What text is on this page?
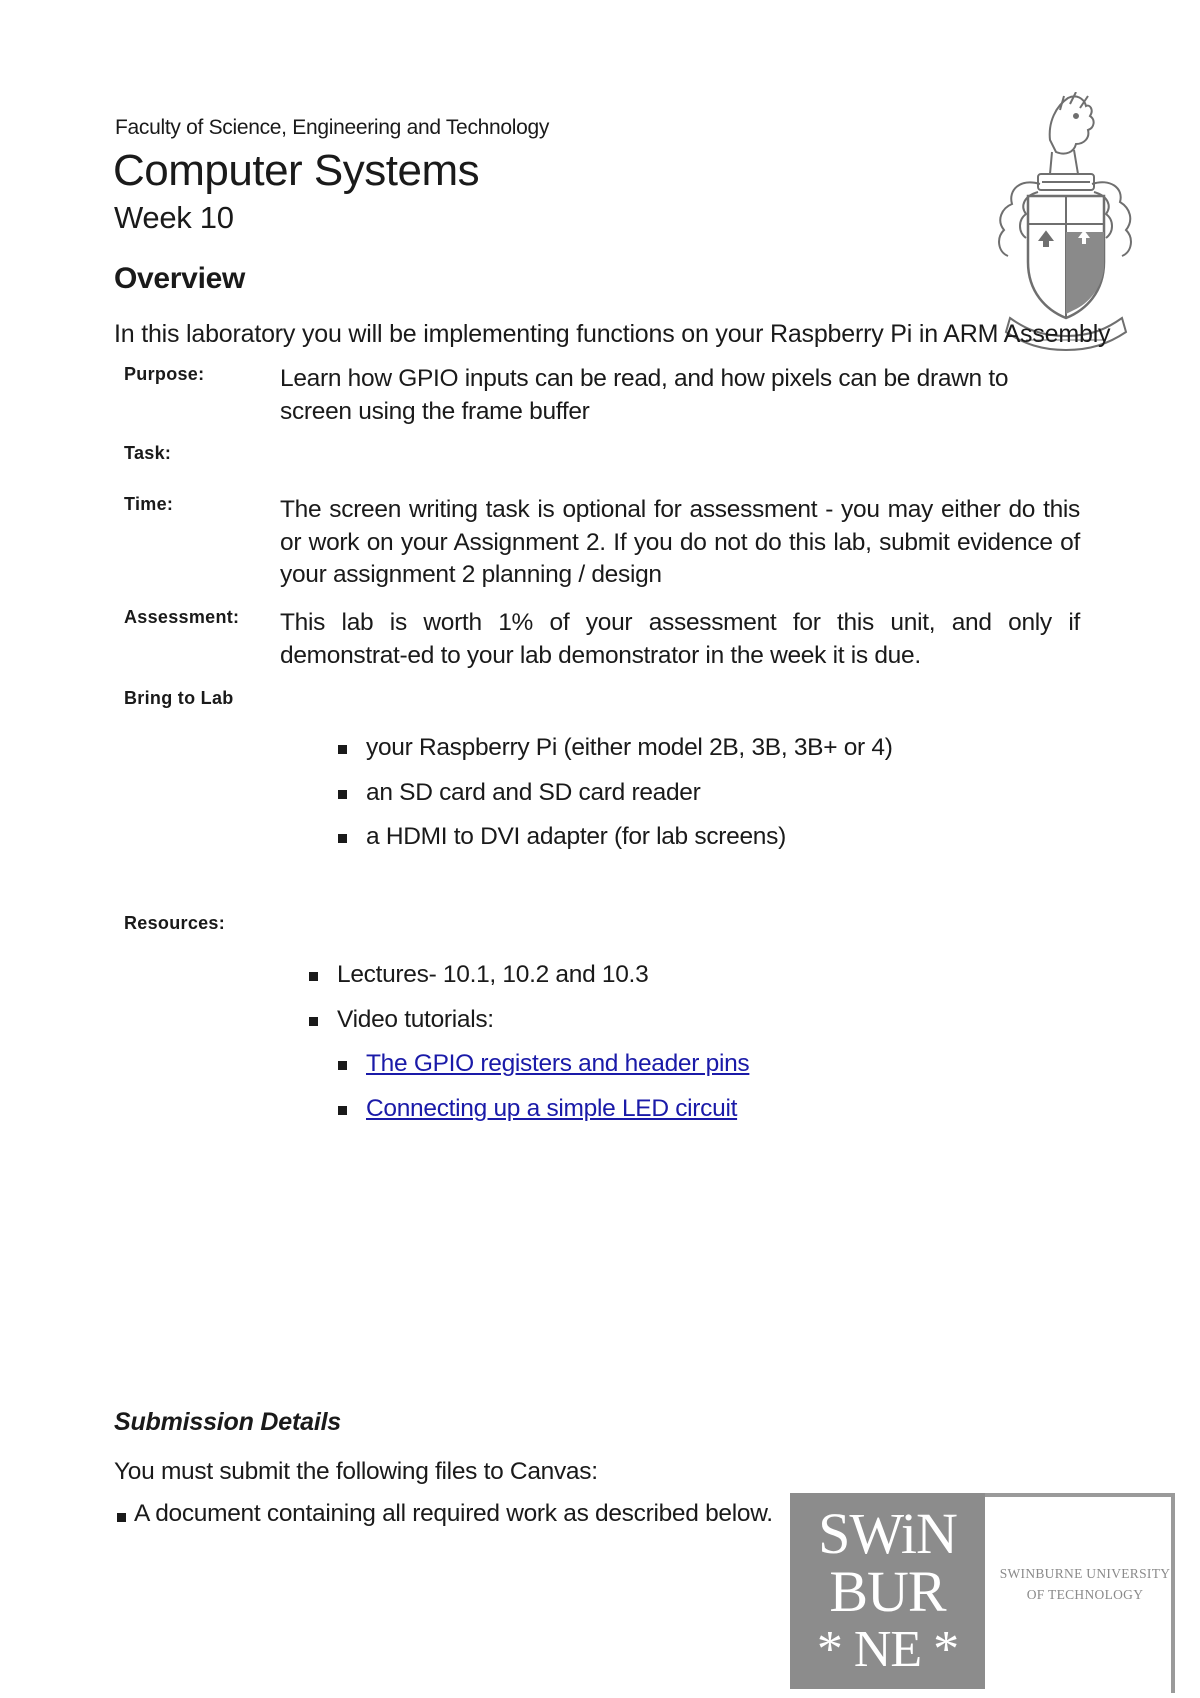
Faculty of Science, Engineering and Technology
Computer Systems
Week 10
Overview
In this laboratory you will be implementing functions on your Raspberry Pi in ARM Assembly
Purpose:	Learn how GPIO inputs can be read, and how pixels can be drawn to screen using the frame buffer
Task:
Time:	The screen writing task is optional for assessment - you may either do this or work on your Assignment 2. If you do not do this lab, submit evidence of your assignment 2 planning / design
Assessment: This lab is worth 1% of your assessment for this unit, and only if demonstrat-ed to your lab demonstrator in the week it is due.
Bring to Lab
your Raspberry Pi (either model 2B, 3B, 3B+ or 4)
an SD card and SD card reader
a HDMI to DVI adapter (for lab screens)
Resources:
Lectures- 10.1, 10.2 and 10.3
Video tutorials:
The GPIO registers and header pins
Connecting up a simple LED circuit
Submission Details
You must submit the following files to Canvas:
A document containing all required work as described below. SWiN
BUR
* NE *
SWINBURNE UNIVERSITY
OF TECHNOLOGY
